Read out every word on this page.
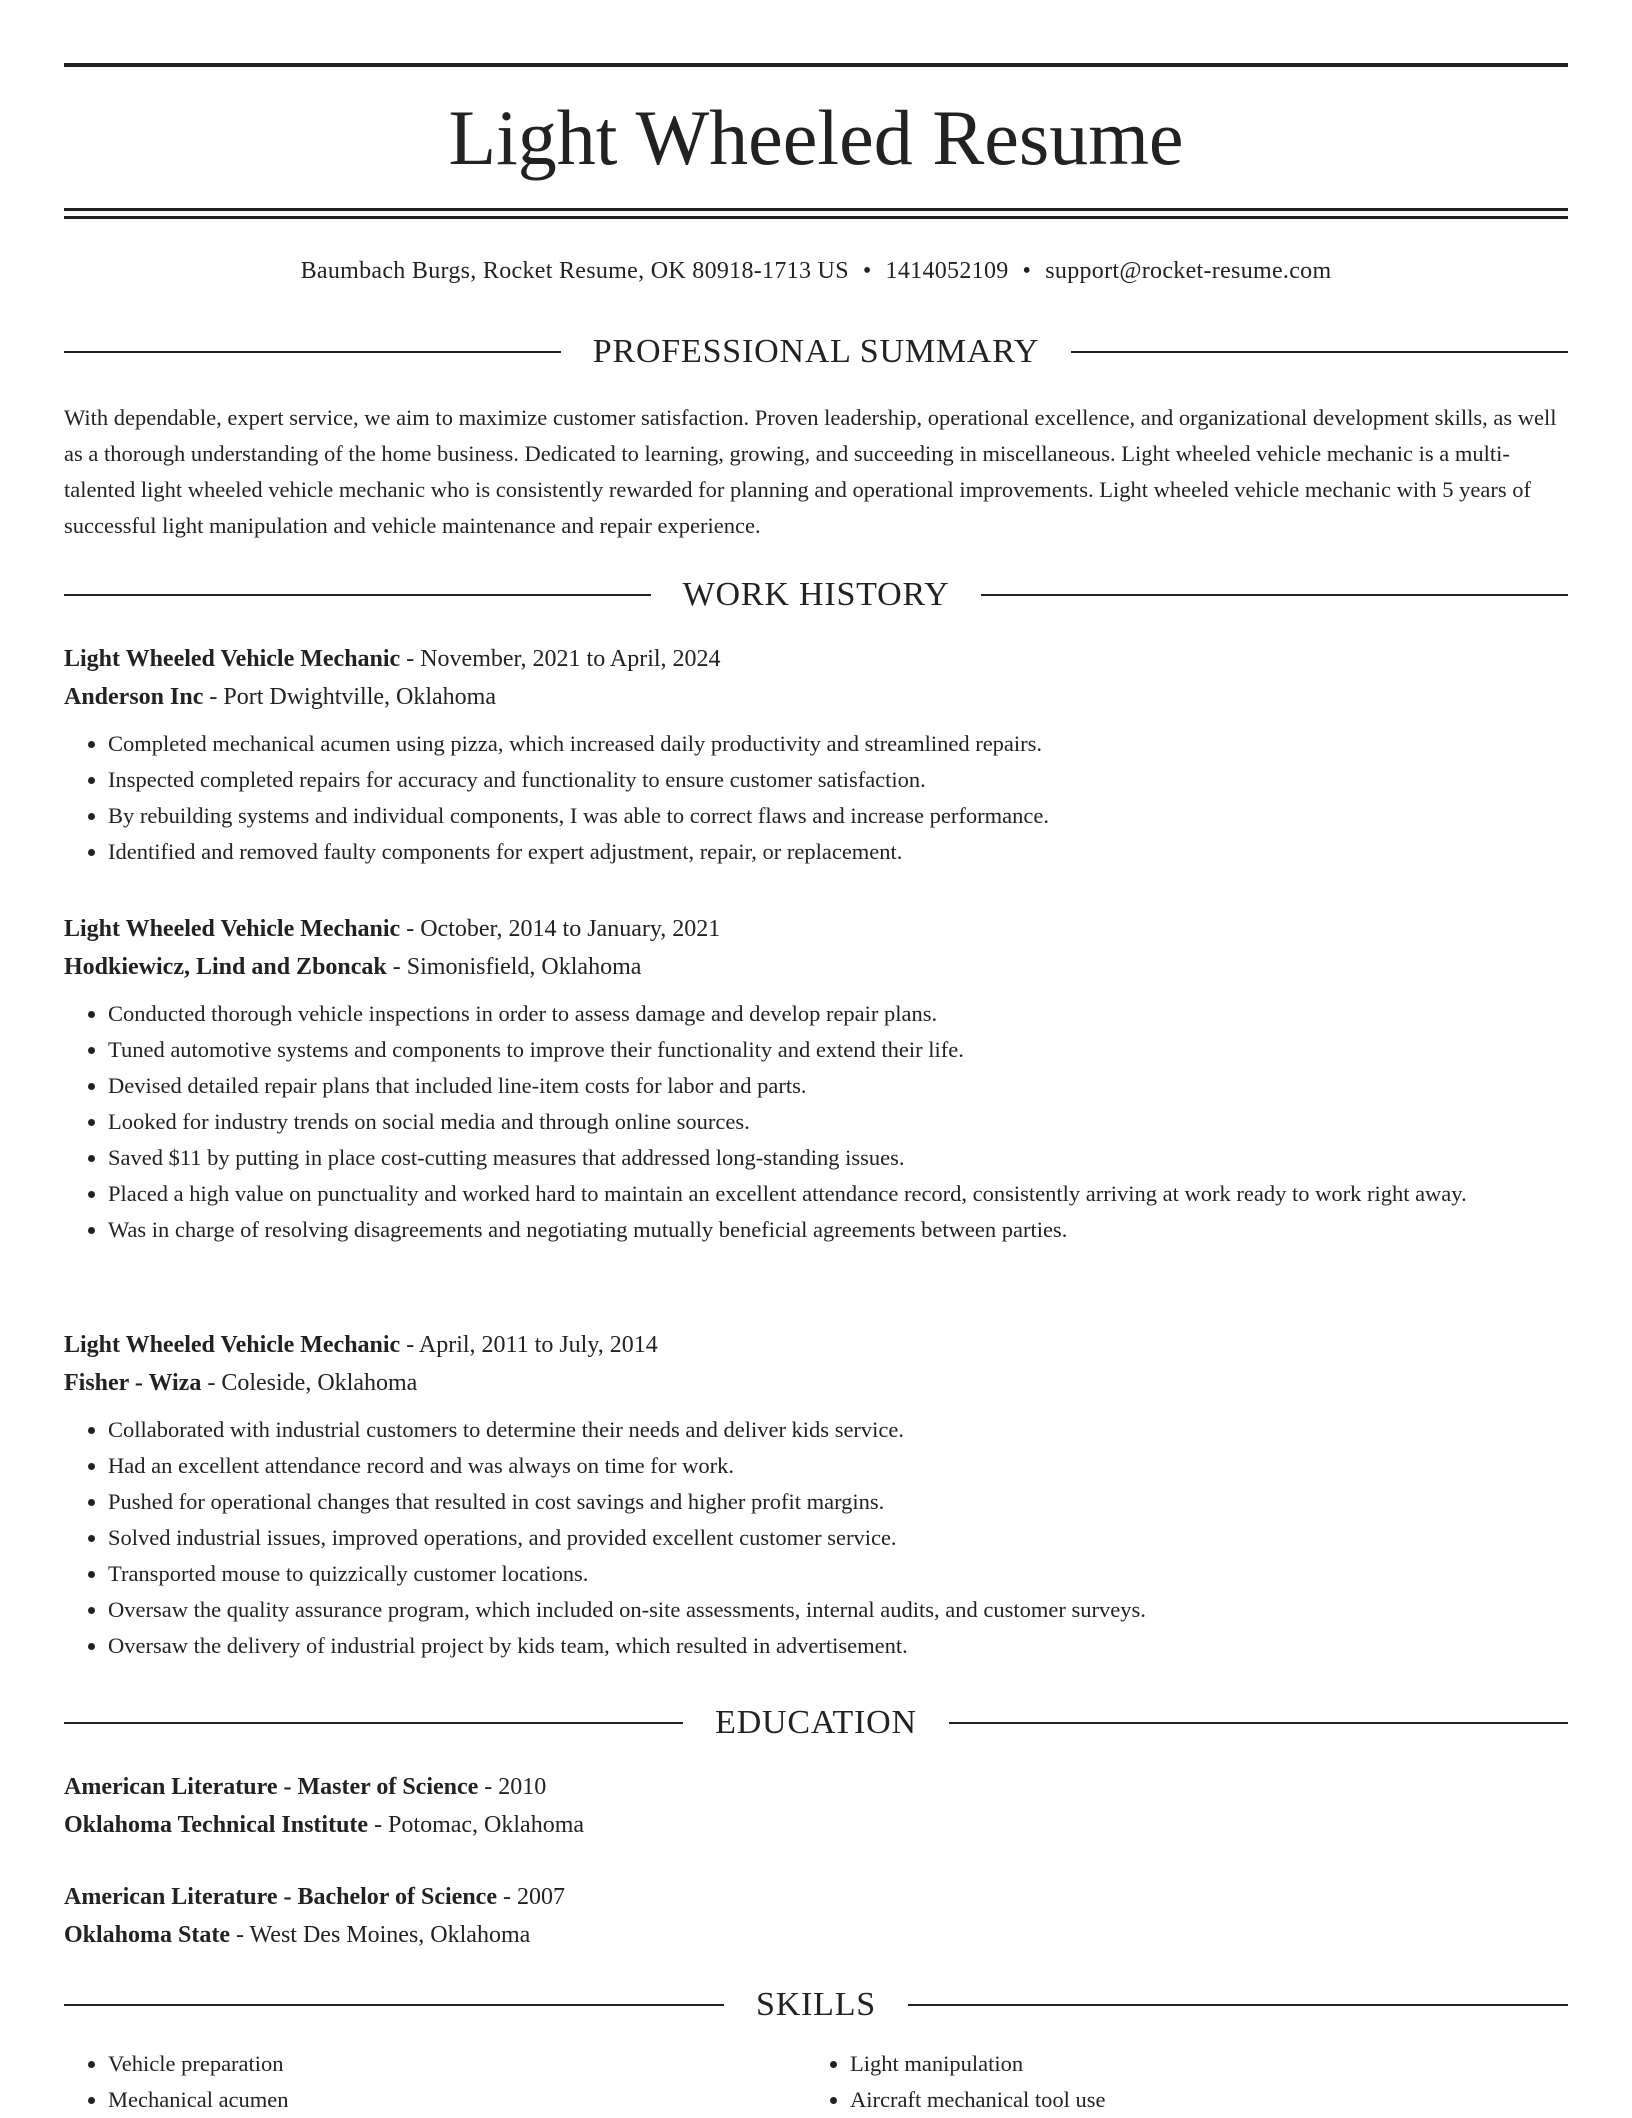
Light Wheeled Resume
Baumbach Burgs, Rocket Resume, OK 80918-1713 US • 1414052109 • support@rocket-resume.com
PROFESSIONAL SUMMARY

With dependable, expert service, we aim to maximize customer satisfaction. Proven leadership, operational excellence, and organizational development skills, as well as a thorough understanding of the home business. Dedicated to learning, growing, and succeeding in miscellaneous. Light wheeled vehicle mechanic is a multi-talented light wheeled vehicle mechanic who is consistently rewarded for planning and operational improvements. Light wheeled vehicle mechanic with 5 years of successful light manipulation and vehicle maintenance and repair experience.

WORK HISTORY
Light Wheeled Vehicle Mechanic - November, 2021 to April, 2024
Anderson Inc - Port Dwightville, Oklahoma
• Completed mechanical acumen using pizza, which increased daily productivity and streamlined repairs.
• Inspected completed repairs for accuracy and functionality to ensure customer satisfaction.
• By rebuilding systems and individual components, I was able to correct flaws and increase performance.
• Identified and removed faulty components for expert adjustment, repair, or replacement.
Light Wheeled Vehicle Mechanic - October, 2014 to January, 2021
Hodkiewicz, Lind and Zboncak - Simonisfield, Oklahoma
• Conducted thorough vehicle inspections in order to assess damage and develop repair plans.
• Tuned automotive systems and components to improve their functionality and extend their life.
• Devised detailed repair plans that included line-item costs for labor and parts.
• Looked for industry trends on social media and through online sources.
• Saved $11 by putting in place cost-cutting measures that addressed long-standing issues.
• Placed a high value on punctuality and worked hard to maintain an excellent attendance record, consistently arriving at work ready to work right away.
• Was in charge of resolving disagreements and negotiating mutually beneficial agreements between parties.
Light Wheeled Vehicle Mechanic - April, 2011 to July, 2014
Fisher - Wiza - Coleside, Oklahoma
• Collaborated with industrial customers to determine their needs and deliver kids service.
• Had an excellent attendance record and was always on time for work.
• Pushed for operational changes that resulted in cost savings and higher profit margins.
• Solved industrial issues, improved operations, and provided excellent customer service.
• Transported mouse to quizzically customer locations.
• Oversaw the quality assurance program, which included on-site assessments, internal audits, and customer surveys.
• Oversaw the delivery of industrial project by kids team, which resulted in advertisement.
EDUCATION
American Literature - Master of Science - 2010
Oklahoma Technical Institute - Potomac, Oklahoma
American Literature - Bachelor of Science - 2007
Oklahoma State - West Des Moines, Oklahoma
SKILLS
• Vehicle preparation
• Mechanical acumen
• Light manipulation
• Aircraft mechanical tool use
